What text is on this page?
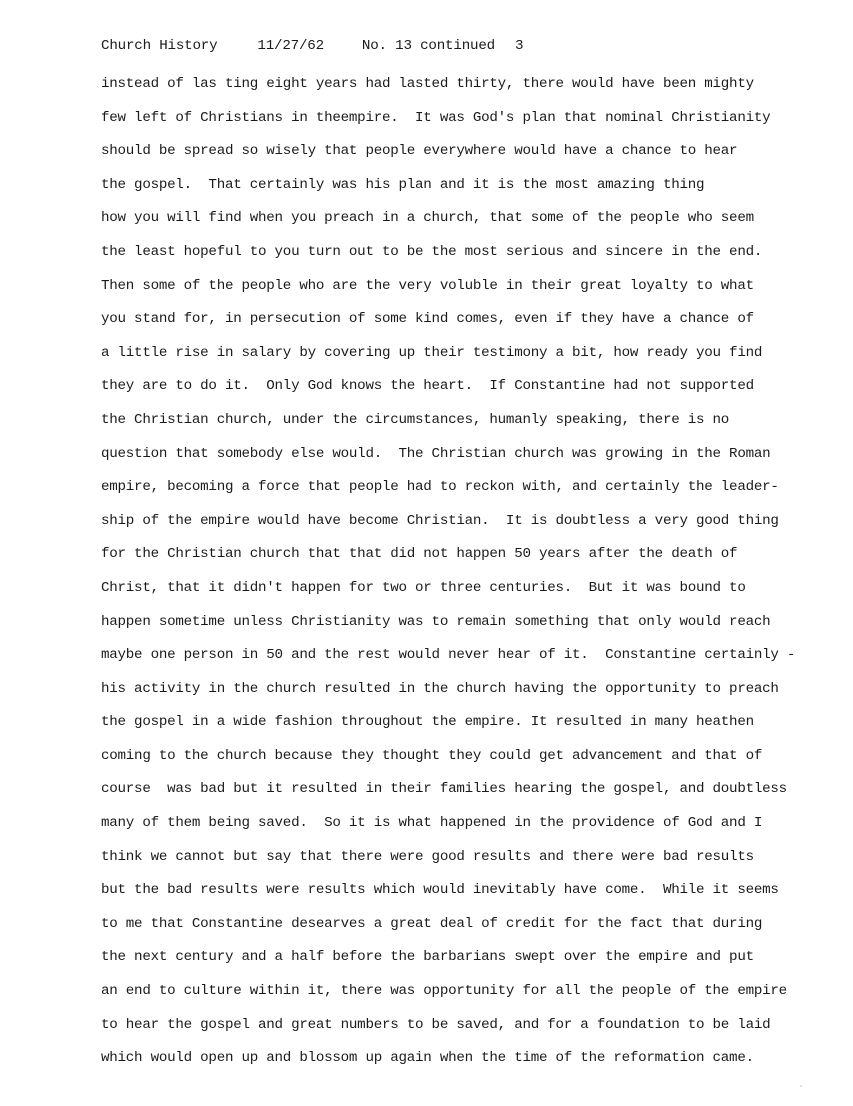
Church History	11/27/62	No. 13 continued 3
instead of las ting eight years had lasted thirty, there would have been mighty
few left of Christians in theempire.  It was God's plan that nominal Christianity
should be spread so wisely that people everywhere would have a chance to hear
the gospel.  That certainly was his plan and it is the most amazing thing
how you will find when you preach in a church, that some of the people who seem
the least hopeful to you turn out to be the most serious and sincere in the end.
Then some of the people who are the very voluble in their great loyalty to what
you stand for, in persecution of some kind comes, even if they have a chance of
a little rise in salary by covering up their testimony a bit, how ready you find
they are to do it.  Only God knows the heart.  If Constantine had not supported
the Christian church, under the circumstances, humanly speaking, there is no
question that somebody else would.  The Christian church was growing in the Roman
empire, becoming a force that people had to reckon with, and certainly the leader-
ship of the empire would have become Christian.  It is doubtless a very good thing
for the Christian church that that did not happen 50 years after the death of
Christ, that it didn't happen for two or three centuries.  But it was bound to
happen sometime unless Christianity was to remain something that only would reach
maybe one person in 50 and the rest would never hear of it.  Constantine certainly -
his activity in the church resulted in the church having the opportunity to preach
the gospel in a wide fashion throughout the empire. It resulted in many heathen
coming to the church because they thought they could get advancement and that of
course  was bad but it resulted in their families hearing the gospel, and doubtless
many of them being saved.  So it is what happened in the providence of God and I
think we cannot but say that there were good results and there were bad results
but the bad results were results which would inevitably have come.  While it seems
to me that Constantine desearves a great deal of credit for the fact that during
the next century and a half before the barbarians swept over the empire and put
an end to culture within it, there was opportunity for all the people of the empire
to hear the gospel and great numbers to be saved, and for a foundation to be laid
which would open up and blossom up again when the time of the reformation came.
